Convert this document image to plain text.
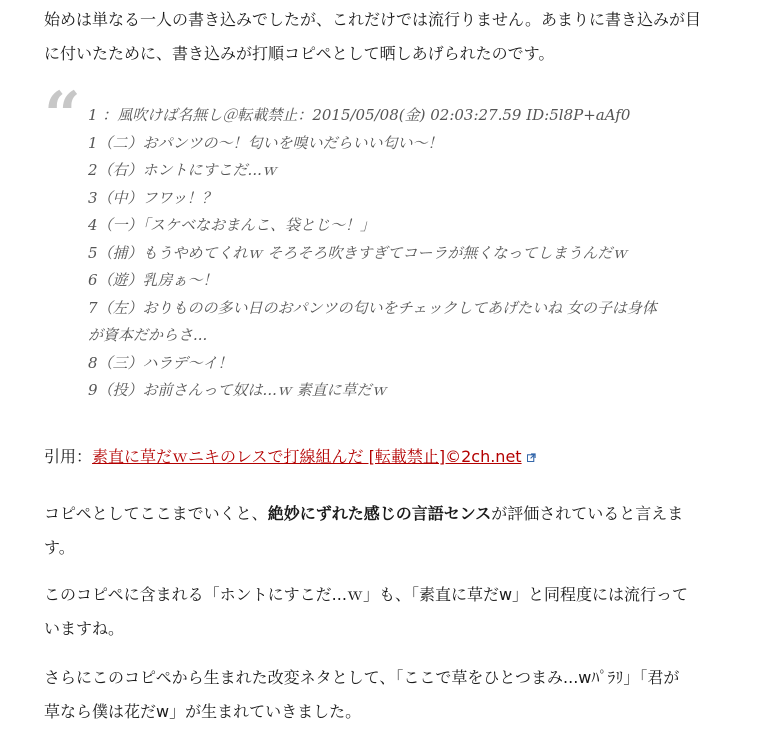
始めは単なる一人の書き込みでしたが、これだけでは流行りません。あまりに書き込みが目
に付いたために、書き込みが打順コピペとして晒しあげられたのです。

“ 1 ：風吹けば名無し＠転載禁止：2015/05/08(金) 02:03:27.59 ID:5l8P+aAf0
1（二）おパンツの〜！匂いを嗅いだらいい匂い〜！
2（右）ホントにすこだ...ｗ
3（中）フワッ！？
4（一）「スケベなおまんこ、袋とじ〜！」
5（捕）もうやめてくれｗ そろそろ吹きすぎてコーラが無くなってしまうんだｗ
6（遊）乳房ぁ〜！
7（左）おりものの多い日のおパンツの匂いをチェックしてあげたいね 女の子は身体
が資本だからさ...
8（三）ハラデ〜イ！
9（投）お前さんって奴は...ｗ 素直に草だｗ

引用：素直に草だｗニキのレスで打線組んだ [転載禁止]©2ch.net

コピペとしてここまでいくと、絶妙にずれた感じの言語センスが評価されていると言えま
す。

このコピペに含まれる「ホントにすこだ...ｗ」も、「素直に草だw」と同程度には流行って
いますね。

さらにこのコピペから生まれた改変ネタとして、「ここで草をひとつまみ...wﾊﾟﾗﾘ」「君が
草なら僕は花だw」が生まれていきました。
